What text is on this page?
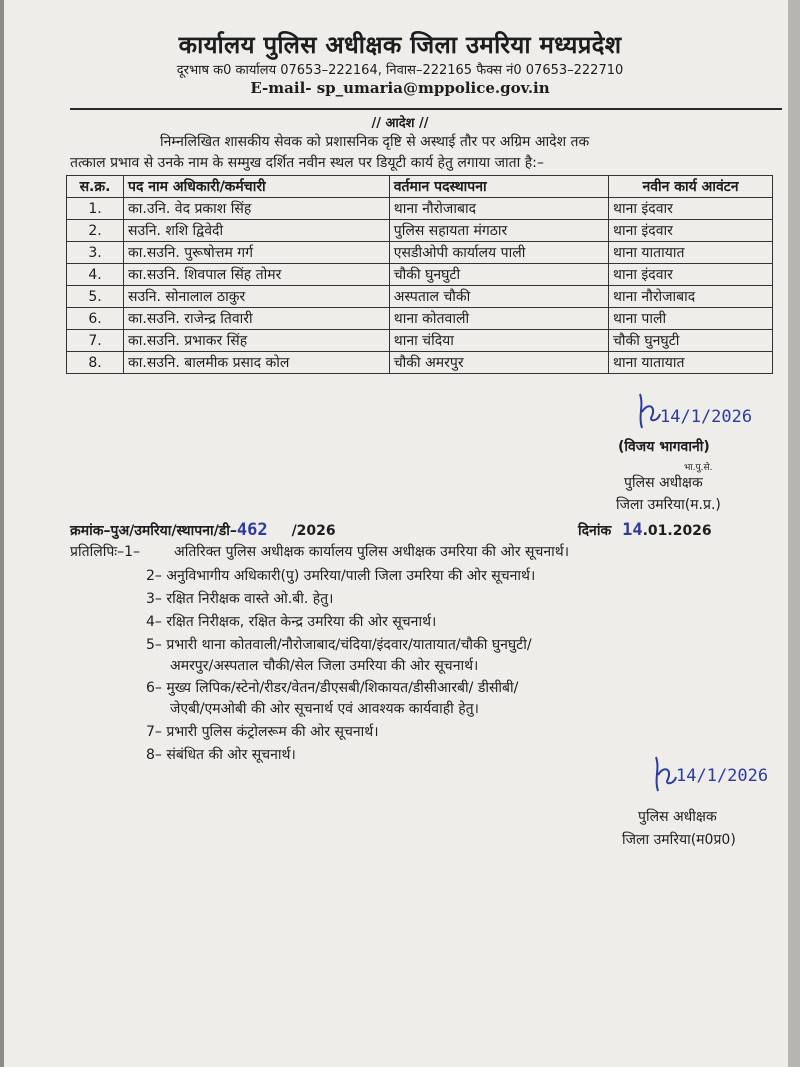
कार्यालय पुलिस अधीक्षक जिला उमरिया मध्यप्रदेश
दूरभाष क0 कार्यालय 07653–222164, निवास–222165 फैक्स नं0 07653–222710
E-mail- sp_umaria@mppolice.gov.in
// आदेश //
निम्नलिखित शासकीय सेवक को प्रशासनिक दृष्टि से अस्थाई तौर पर अग्रिम आदेश तक
तत्काल प्रभाव से उनके नाम के सम्मुख दर्शित नवीन स्थल पर डियूटी कार्य हेतु लगाया जाता है:–
स.क्र.	पद नाम अधिकारी/कर्मचारी	वर्तमान पदस्थापना	नवीन कार्य आवंटन
1.	का.उनि. वेद प्रकाश सिंह	थाना नौरोजाबाद	थाना इंदवार
2.	सउनि. शशि द्विवेदी	पुलिस सहायता मंगठार	थाना इंदवार
3.	का.सउनि. पुरूषोत्तम गर्ग	एसडीओपी कार्यालय पाली	थाना यातायात
4.	का.सउनि. शिवपाल सिंह तोमर	चौकी घुनघुटी	थाना इंदवार
5.	सउनि. सोनालाल ठाकुर	अस्पताल चौकी	थाना नौरोजाबाद
6.	का.सउनि. राजेन्द्र तिवारी	थाना कोतवाली	थाना पाली
7.	का.सउनि. प्रभाकर सिंह	थाना चंदिया	चौकी घुनघुटी
8.	का.सउनि. बालमीक प्रसाद कोल	चौकी अमरपुर	थाना यातायात
14/1/2026
(विजय भागवानी)
भा.पु.से.
पुलिस अधीक्षक
जिला उमरिया(म.प्र.)
क्रमांक–पुअ/उमरिया/स्थापना/डी–462 /2026	दिनांक 14.01.2026
प्रतिलिपिः–1– अतिरिक्त पुलिस अधीक्षक कार्यालय पुलिस अधीक्षक उमरिया की ओर सूचनार्थ।
2– अनुविभागीय अधिकारी(पु) उमरिया/पाली जिला उमरिया की ओर सूचनार्थ।
3– रक्षित निरीक्षक वास्ते ओ.बी. हेतु।
4– रक्षित निरीक्षक, रक्षित केन्द्र उमरिया की ओर सूचनार्थ।
5– प्रभारी थाना कोतवाली/नौरोजाबाद/चंदिया/इंदवार/यातायात/चौकी घुनघुटी/
अमरपुर/अस्पताल चौकी/सेल जिला उमरिया की ओर सूचनार्थ।
6– मुख्य लिपिक/स्टेनो/रीडर/वेतन/डीएसबी/शिकायत/डीसीआरबी/ डीसीबी/
जेएबी/एमओबी की ओर सूचनार्थ एवं आवश्यक कार्यवाही हेतु।
7– प्रभारी पुलिस कंट्रोलरूम की ओर सूचनार्थ।
8– संबंधित की ओर सूचनार्थ।
14/1/2026
पुलिस अधीक्षक
जिला उमरिया(म0प्र0)
